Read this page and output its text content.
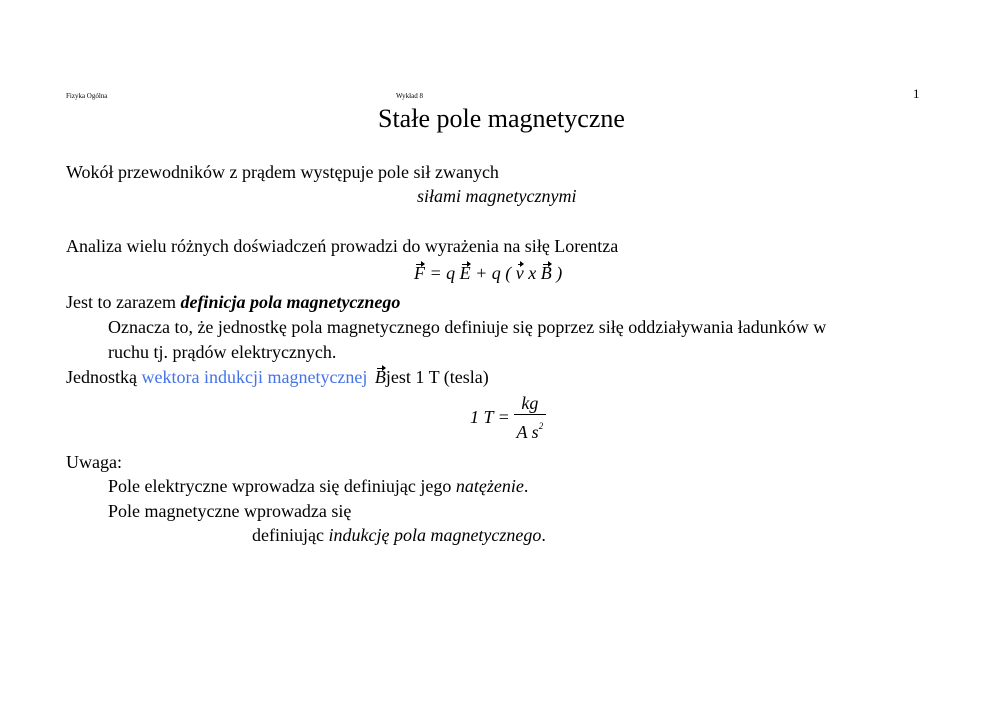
Fizyka Ogólna	Wykład 8	1
Stałe pole magnetyczne
Wokół przewodników z prądem występuje pole sił zwanych
siłami magnetycznymi
Analiza wielu różnych doświadczeń prowadzi do wyrażenia na siłę Lorentza
F = q E + q ( v x B )
Jest to zarazem definicja pola magnetycznego
Oznacza to, że jednostkę pola magnetycznego definiuje się poprzez siłę oddziaływania ładunków w
ruchu tj. prądów elektrycznych.
Jednostką wektora indukcji magnetycznej Bjest 1 T (tesla)
1 $T = \frac{kg}{A s^2}$
Uwaga:
Pole elektryczne wprowadza się definiując jego natężenie.
Pole magnetyczne wprowadza się
definiując indukcję pola magnetycznego.
